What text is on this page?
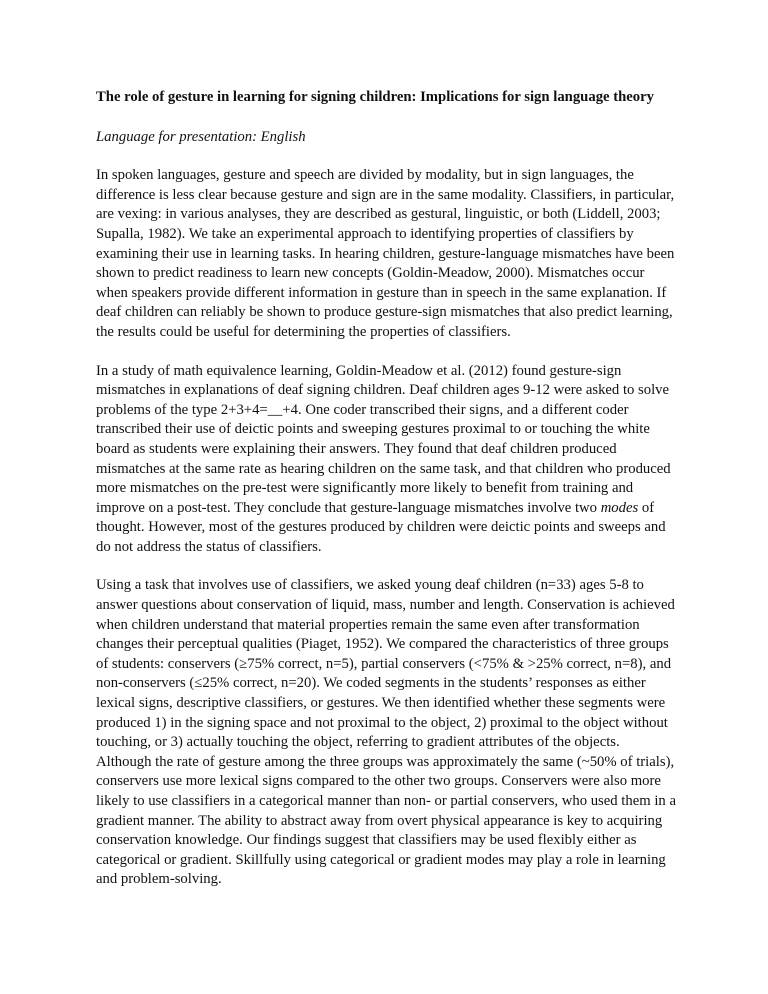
The role of gesture in learning for signing children: Implications for sign language theory

Language for presentation: English

In spoken languages, gesture and speech are divided by modality, but in sign languages, the difference is less clear because gesture and sign are in the same modality. Classifiers, in particular, are vexing: in various analyses, they are described as gestural, linguistic, or both (Liddell, 2003; Supalla, 1982). We take an experimental approach to identifying properties of classifiers by examining their use in learning tasks. In hearing children, gesture-language mismatches have been shown to predict readiness to learn new concepts (Goldin-Meadow, 2000). Mismatches occur when speakers provide different information in gesture than in speech in the same explanation. If deaf children can reliably be shown to produce gesture-sign mismatches that also predict learning, the results could be useful for determining the properties of classifiers.

In a study of math equivalence learning, Goldin-Meadow et al. (2012) found gesture-sign mismatches in explanations of deaf signing children. Deaf children ages 9-12 were asked to solve problems of the type 2+3+4=__+4. One coder transcribed their signs, and a different coder transcribed their use of deictic points and sweeping gestures proximal to or touching the white board as students were explaining their answers. They found that deaf children produced mismatches at the same rate as hearing children on the same task, and that children who produced more mismatches on the pre-test were significantly more likely to benefit from training and improve on a post-test. They conclude that gesture-language mismatches involve two modes of thought. However, most of the gestures produced by children were deictic points and sweeps and do not address the status of classifiers.

Using a task that involves use of classifiers, we asked young deaf children (n=33) ages 5-8 to answer questions about conservation of liquid, mass, number and length. Conservation is achieved when children understand that material properties remain the same even after transformation changes their perceptual qualities (Piaget, 1952). We compared the characteristics of three groups of students: conservers (≥75% correct, n=5), partial conservers (<75% & >25% correct, n=8), and non-conservers (≤25% correct, n=20). We coded segments in the students’ responses as either lexical signs, descriptive classifiers, or gestures. We then identified whether these segments were produced 1) in the signing space and not proximal to the object, 2) proximal to the object without touching, or 3) actually touching the object, referring to gradient attributes of the objects. Although the rate of gesture among the three groups was approximately the same (~50% of trials), conservers use more lexical signs compared to the other two groups. Conservers were also more likely to use classifiers in a categorical manner than non- or partial conservers, who used them in a gradient manner. The ability to abstract away from overt physical appearance is key to acquiring conservation knowledge. Our findings suggest that classifiers may be used flexibly either as categorical or gradient. Skillfully using categorical or gradient modes may play a role in learning and problem-solving.
